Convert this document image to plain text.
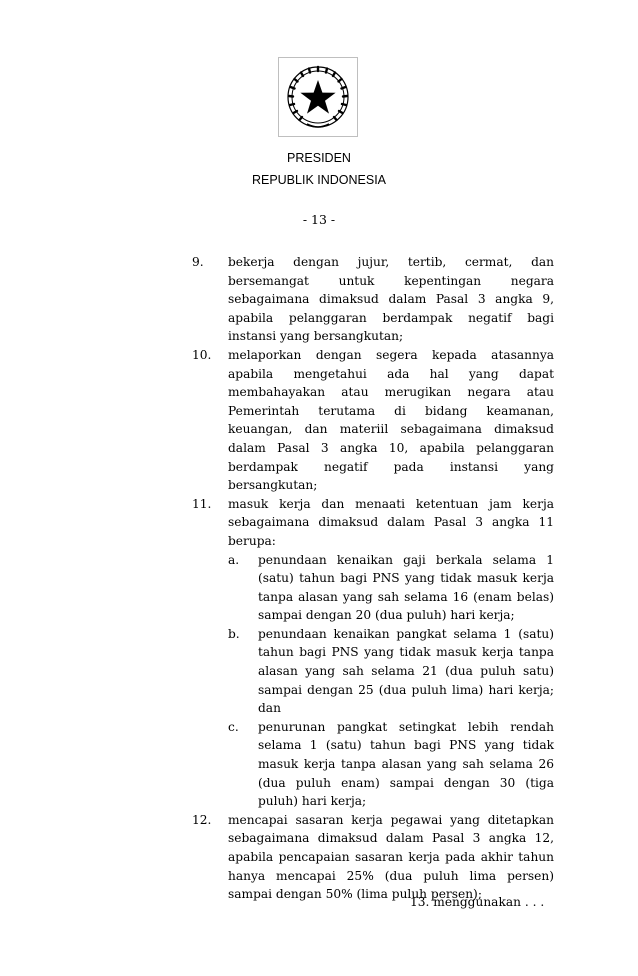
PRESIDEN
REPUBLIK INDONESIA
- 13 -
9. bekerja dengan jujur, tertib, cermat, dan bersemangat untuk kepentingan negara sebagaimana dimaksud dalam Pasal 3 angka 9, apabila pelanggaran berdampak negatif bagi instansi yang bersangkutan;
10. melaporkan dengan segera kepada atasannya apabila mengetahui ada hal yang dapat membahayakan atau merugikan negara atau Pemerintah terutama di bidang keamanan, keuangan, dan materiil sebagaimana dimaksud dalam Pasal 3 angka 10, apabila pelanggaran berdampak negatif pada instansi yang bersangkutan;
11. masuk kerja dan menaati ketentuan jam kerja sebagaimana dimaksud dalam Pasal 3 angka 11 berupa:
a. penundaan kenaikan gaji berkala selama 1 (satu) tahun bagi PNS yang tidak masuk kerja tanpa alasan yang sah selama 16 (enam belas) sampai dengan 20 (dua puluh) hari kerja;
b. penundaan kenaikan pangkat selama 1 (satu) tahun bagi PNS yang tidak masuk kerja tanpa alasan yang sah selama 21 (dua puluh satu) sampai dengan 25 (dua puluh lima) hari kerja; dan
c. penurunan pangkat setingkat lebih rendah selama 1 (satu) tahun bagi PNS yang tidak masuk kerja tanpa alasan yang sah selama 26 (dua puluh enam) sampai dengan 30 (tiga puluh) hari kerja;
12. mencapai sasaran kerja pegawai yang ditetapkan sebagaimana dimaksud dalam Pasal 3 angka 12, apabila pencapaian sasaran kerja pada akhir tahun hanya mencapai 25% (dua puluh lima persen) sampai dengan 50% (lima puluh persen);
13. menggunakan . . .
